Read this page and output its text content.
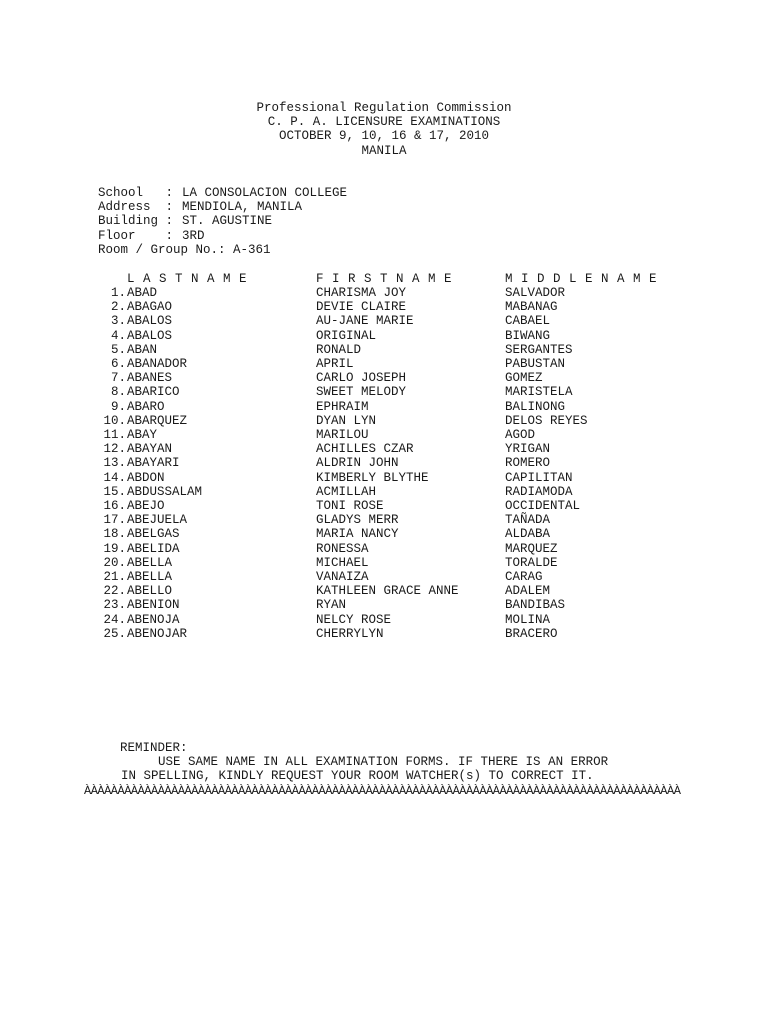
Professional Regulation Commission
C. P. A. LICENSURE EXAMINATIONS
OCTOBER 9, 10, 16 & 17, 2010
MANILA
School   : LA CONSOLACION COLLEGE
Address  : MENDIOLA, MANILA
Building : ST. AGUSTINE
Floor    : 3RD
Room / Group No.: A-361
L A S T N A M E	F I R S T N A M E	M I D D L E N A M E
1. ABAD	CHARISMA JOY	SALVADOR
2. ABAGAO	DEVIE CLAIRE	MABANAG
3. ABALOS	AU-JANE MARIE	CABAEL
4. ABALOS	ORIGINAL	BIWANG
5. ABAN	RONALD	SERGANTES
6. ABANADOR	APRIL	PABUSTAN
7. ABANES	CARLO JOSEPH	GOMEZ
8. ABARICO	SWEET MELODY	MARISTELA
9. ABARO	EPHRAIM	BALINONG
10. ABARQUEZ	DYAN LYN	DELOS REYES
11. ABAY	MARILOU	AGOD
12. ABAYAN	ACHILLES CZAR	YRIGAN
13. ABAYARI	ALDRIN JOHN	ROMERO
14. ABDON	KIMBERLY BLYTHE	CAPILITAN
15. ABDUSSALAM	ACMILLAH	RADIAMODA
16. ABEJO	TONI ROSE	OCCIDENTAL
17. ABEJUELA	GLADYS MERR	TAÑADA
18. ABELGAS	MARIA NANCY	ALDABA
19. ABELIDA	RONESSA	MARQUEZ
20. ABELLA	MICHAEL	TORALDE
21. ABELLA	VANAIZA	CARAG
22. ABELLO	KATHLEEN GRACE ANNE	ADALEM
23. ABENION	RYAN	BANDIBAS
24. ABENOJA	NELCY ROSE	MOLINA
25. ABENOJAR	CHERRYLYN	BRACERO
REMINDER:
USE SAME NAME IN ALL EXAMINATION FORMS. IF THERE IS AN ERROR
IN SPELLING, KINDLY REQUEST YOUR ROOM WATCHER(s) TO CORRECT IT.
ÀÀÀÀÀÀÀÀÀÀÀÀÀÀÀÀÀÀÀÀÀÀÀÀÀÀÀÀÀÀÀÀÀÀÀÀÀÀÀÀÀÀÀÀÀÀÀÀÀÀÀÀÀÀÀÀÀÀÀÀÀÀÀÀÀÀÀÀÀÀÀÀÀÀÀÀÀÀÀÀÀÀÀÀÀÀÀÀÀ
